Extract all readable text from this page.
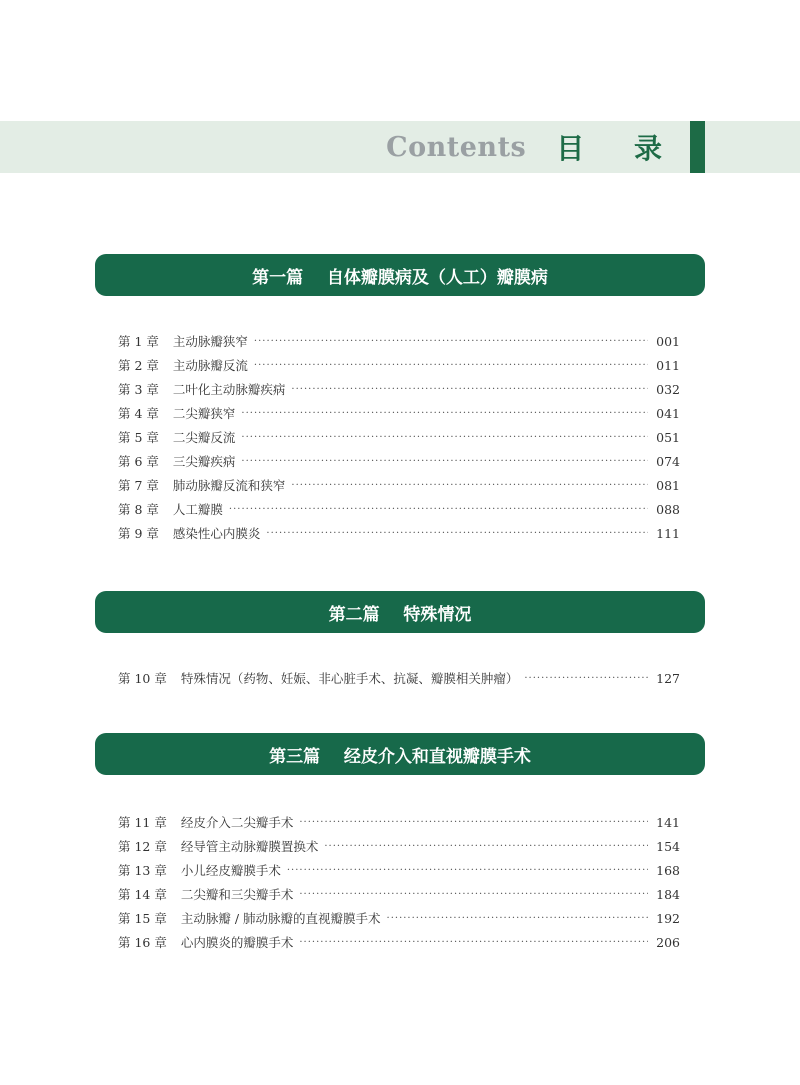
Contents 目 录
第一篇    自体瓣膜病及（人工）瓣膜病
第 1 章	主动脉瓣狭窄 ·····	001
第 2 章	主动脉瓣反流 ·····	011
第 3 章	二叶化主动脉瓣疾病 ·····	032
第 4 章	二尖瓣狭窄 ·····	041
第 5 章	二尖瓣反流 ·····	051
第 6 章	三尖瓣疾病 ·····	074
第 7 章	肺动脉瓣反流和狭窄 ·····	081
第 8 章	人工瓣膜 ·····	088
第 9 章	感染性心内膜炎 ·····	111
第二篇    特殊情况
第 10 章	特殊情况（药物、妊娠、非心脏手术、抗凝、瓣膜相关肿瘤） ·····	127
第三篇    经皮介入和直视瓣膜手术
第 11 章	经皮介入二尖瓣手术 ·····	141
第 12 章	经导管主动脉瓣膜置换术 ·····	154
第 13 章	小儿经皮瓣膜手术 ·····	168
第 14 章	二尖瓣和三尖瓣手术 ·····	184
第 15 章	主动脉瓣 / 肺动脉瓣的直视瓣膜手术 ·····	192
第 16 章	心内膜炎的瓣膜手术 ·····	206
